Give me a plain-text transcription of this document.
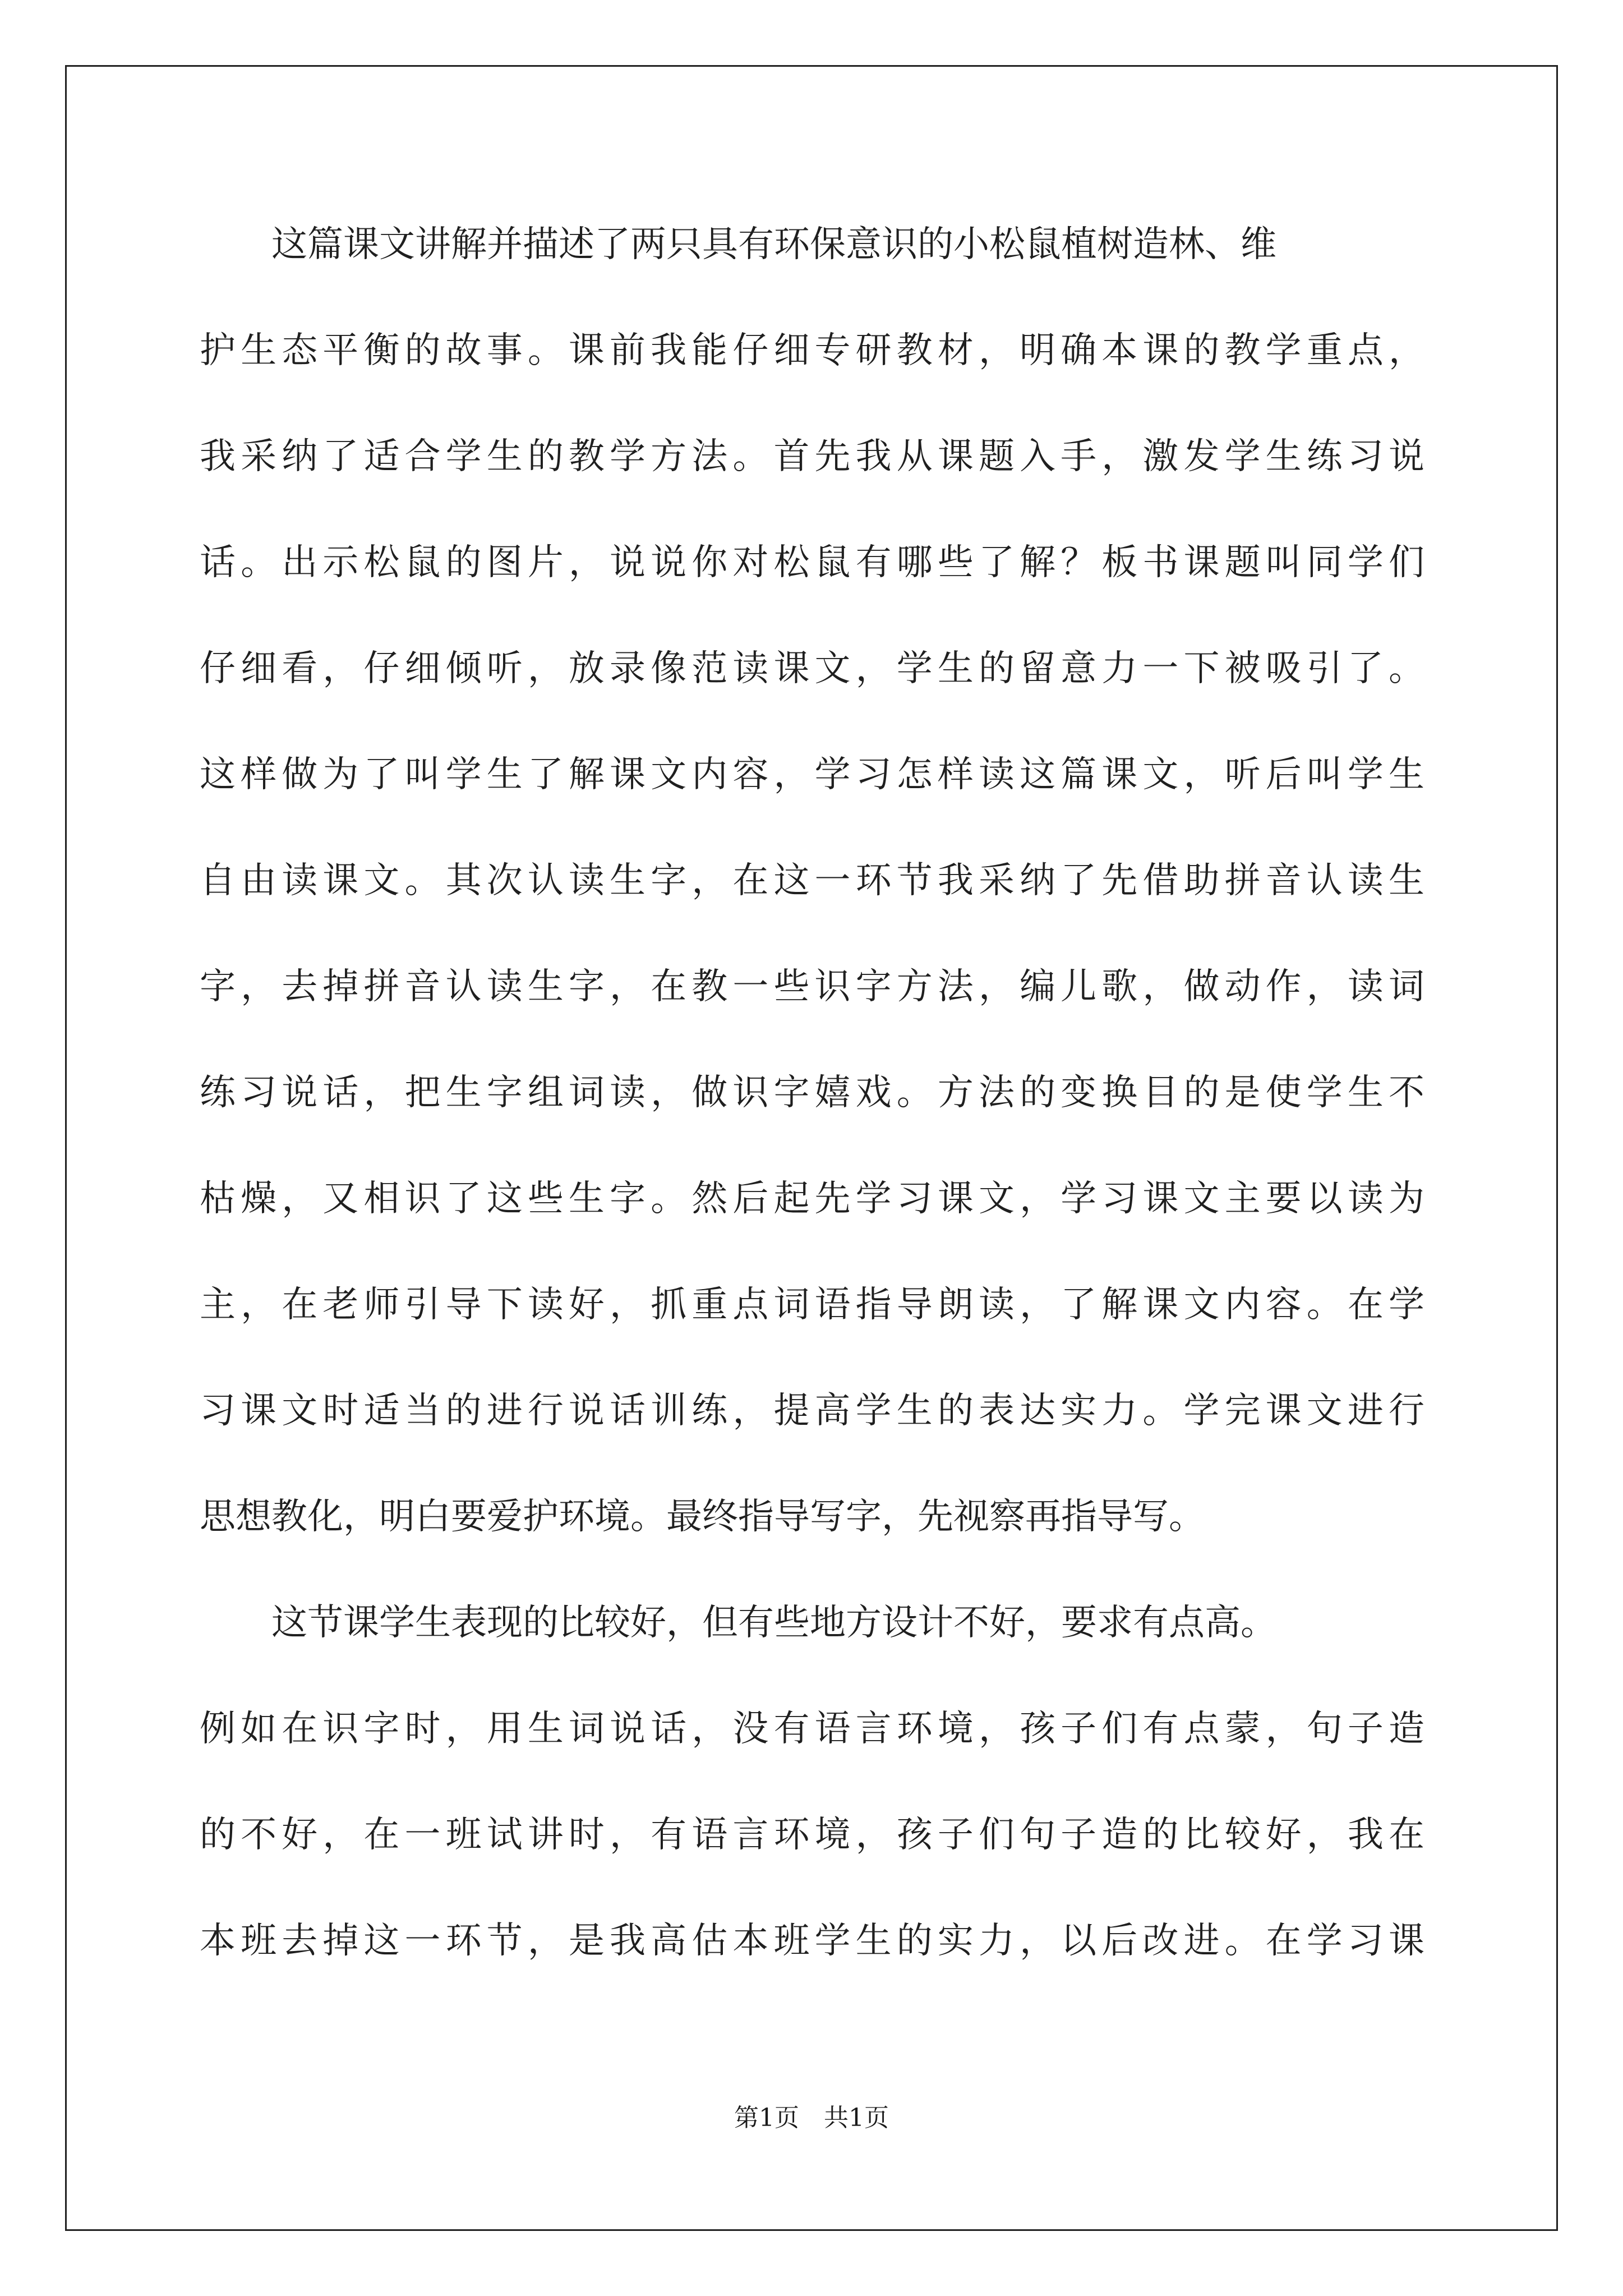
这篇课文讲解并描述了两只具有环保意识的小松鼠植树造林、维
护生态平衡的故事。课前我能仔细专研教材，明确本课的教学重点，
我采纳了适合学生的教学方法。首先我从课题入手，激发学生练习说
话。出示松鼠的图片，说说你对松鼠有哪些了解？板书课题叫同学们
仔细看，仔细倾听，放录像范读课文，学生的留意力一下被吸引了。
这样做为了叫学生了解课文内容，学习怎样读这篇课文，听后叫学生
自由读课文。其次认读生字，在这一环节我采纳了先借助拼音认读生
字，去掉拼音认读生字，在教一些识字方法，编儿歌，做动作，读词
练习说话，把生字组词读，做识字嬉戏。方法的变换目的是使学生不
枯燥，又相识了这些生字。然后起先学习课文，学习课文主要以读为
主，在老师引导下读好，抓重点词语指导朗读，了解课文内容。在学
习课文时适当的进行说话训练，提高学生的表达实力。学完课文进行
思想教化，明白要爱护环境。最终指导写字，先视察再指导写。
这节课学生表现的比较好，但有些地方设计不好，要求有点高。
例如在识字时，用生词说话，没有语言环境，孩子们有点蒙，句子造
的不好，在一班试讲时，有语言环境，孩子们句子造的比较好，我在
本班去掉这一环节，是我高估本班学生的实力，以后改进。在学习课
第1页　共1页
